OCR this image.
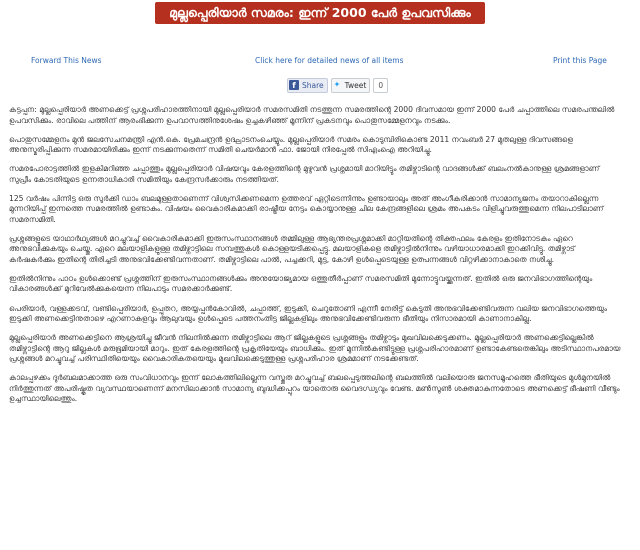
മുല്ലപ്പെരിയാര്‍ സമരം: ഇന്ന് 2000 പേര്‍ ഉപവസിക്കും
Forward This News	Click here for detailed news of all items	Print this Page
f Share ✦ Tweet	0

കട്ടപ്പന: മുല്ലപ്പെരിയാര്‍ അണക്കെട്ട് പ്രശ്നപരിഹാരത്തിനായി മുല്ലപ്പെരിയാര്‍ സമരസമിതി നടത്തുന്ന സമരത്തിന്റെ 2000 ദിവസമായ ഇന്ന് 2000 പേര്‍ ചപ്പാത്തിലെ സമരപന്തലില്‍ ഉപവസിക്കും. രാവിലെ പത്തിന് ആരംഭിക്കുന്ന ഉപവാസത്തിനുശേഷം ഉച്ചകഴിഞ്ഞ് മൂന്നിന് പ്രകടനവും പൊതുസമ്മേളനവും നടക്കും.

പൊതുസമ്മേളനം മുന്‍ ജലസേചനമന്ത്രി എന്‍.കെ. പ്രേമചന്ദ്രന്‍ ഉദ്ഘാടനംചെയ്യും. മുല്ലപ്പെരിയാര്‍ സമരം കൊടുമ്പിരികൊണ്ട 2011 നവംബര്‍ 27 മുതലുള്ള ദിവസങ്ങളെ അനുസ്മരിപ്പിക്കുന്ന സമരമായിരിക്കും ഇന്ന് നടക്കുന്നതെന്ന് സമിതി ചെയര്‍മാന്‍ ഫാ. ജോയി നിരപ്പേല്‍ സിഎംഐ അറിയിച്ചു.

സമരപോരാട്ടത്തില്‍ ഇളകിമറിഞ്ഞ ചപ്പാത്തും മുല്ലപ്പെരിയാര്‍ വിഷയവും കേരളത്തിന്റെ മുഴുവന്‍ പ്രശ്നമായി മാറിയിട്ടും തമിഴ്നാടിന്റെ വാദങ്ങള്‍ക്ക് ബലംനല്‍കാനുള്ള ശ്രമങ്ങളാണ് സുപ്രീം കോടതിയുടെ ഉന്നതാധികാരി സമിതിയും കേന്ദ്രസര്‍ക്കാരും നടത്തിയത്.

125 വര്‍ഷം പിന്നിട്ട ഒരു സുര്‍ക്കി ഡാം ബലമുള്ളതാണെന്ന് വിശ്വസിക്കണമെന്ന ഉത്തരവ് ഏറ്റിടെന്നിന്നും ഉണ്ടായാലും അത് അംഗീകരിക്കാന്‍ സാമാന്യജനം തയാറാകില്ലെന്ന മുന്നറിയിപ്പ് ഇന്നത്തെ സമരത്തില്‍ ഉണ്ടാകും. വിഷയം വൈകാരികമാക്കി രാഷ്ട്രീയ നേട്ടം കൊയ്യാനുള്ള ചില കേന്ദ്രങ്ങളിലെ ശ്രമം അപകടം വിളിച്ചുവരുത്തുമെന്ന നിലപാടിലാണ് സമരസമിതി.

പ്രശ്നങ്ങളുടെ യാഥാര്‍ഥ്യങ്ങള്‍ മറച്ചുവച്ച് വൈകാരികമാക്കി ഇരുസംസ്ഥാനങ്ങള്‍ തമ്മിലുള്ള ആഭ്യന്തരപ്രശ്നമാക്കി മാറ്റിയതിന്റെ തിക്തഫലം കേരളം ഇതിനോടകം ഏറെ അനുഭവിക്കുകയും ചെയ്തു. ഏറെ മലയാളികളുള്ള തമിഴ്നാട്ടിലെ സമ്പത്തുകള്‍ കൊള്ളയടിക്കപ്പെട്ടു. മലയാളികളെ തമിഴ്നാട്ടില്‍നിന്നും വഴിയാധാരമാക്കി ഇറക്കിവിട്ടു. തമിഴ്നാട് കര്‍ഷകര്‍ക്കും ഇതിന്റെ തിരിച്ചടി അനുഭവിക്കേണ്ടിവന്നതാണ്. തമിഴ്നാട്ടിലെ പാല്‍, പച്ചക്കറി, മുട്ട, കോഴി ഉള്‍പ്പെടെയുള്ള ഉത്പന്നങ്ങള്‍ വിറ്റഴിക്കാനാകാതെ നശിച്ചു.

ഇതില്‍നിന്നും പാഠം ഉള്‍ക്കൊണ്ട് പ്രശ്നത്തിന് ഇരുസംസ്ഥാനങ്ങള്‍ക്കും അനുയോജ്യമായ ഒത്തുതീര്‍പ്പാണ് സമരസമിതി മുന്നോട്ടുവയ്ക്കുന്നത്. ഇതില്‍ ഒരു ജനവിഭാഗത്തിന്റെയും വികാരങ്ങള്‍ക്ക് മുറിവേല്‍ക്കുകയെന്ന നിലപാടും സമരക്കാര്‍ക്കുണ്ട്.

പെരിയാര്‍, വള്ളക്കടവ്, വണ്ടിപ്പെരിയാര്‍, ഉപ്പുതറ, അയ്യപ്പന്‍കോവില്‍, ചപ്പാത്ത്, ഇടുക്കി, ചെറുതോണി എന്നീ നേരിട്ട് കെടുതി അനുഭവിക്കേണ്ടിവരുന്ന വലിയ ജനവിഭാഗത്തെയും ഇടുക്കി അണക്കെട്ടിനുതാഴെ എറണാകുളവും ആലുവയും ഉള്‍പ്പെടെ പത്തനംതിട്ട ജില്ലകളിലും അനുഭവിക്കേണ്ടിവരുന്ന ഭീതിയും നിസാരമായി കാണാനാകില്ല.

മുല്ലപ്പെരിയാര്‍ അണക്കെട്ടിനെ ആശ്രയിച്ചു ജീവന്‍ നിലനില്‍ക്കുന്ന തമിഴ്നാട്ടിലെ ആറ് ജില്ലകളുടെ പ്രശ്നങ്ങളും തമിഴ്നാടും മുഖവിലക്കെടുക്കണം. മുല്ലപ്പെരിയാര്‍ അണക്കെട്ടില്ലെങ്കില്‍ തമിഴ്നാട്ടിന്റെ ആറു ജില്ലകള്‍ മരുഭൂമിയായി മാറും. ഇത് കേരളത്തിന്റെ പ്രകൃതിയേയും ബാധിക്കും. ഇത് മുന്നില്‍കണ്ടിട്ടുള്ള പ്രശ്നപരിഹാരമാണ് ഉണ്ടാകേണ്ടതെങ്കിലും അടിസ്ഥാനപരമായ പ്രശ്നങ്ങള്‍ മറച്ചുവച്ച് പരിസ്ഥിതിയെയും വൈകാരികതയെയും മുഖവിലക്കെടുത്തുള്ള പ്രശ്നപരിഹാര ശ്രമമാണ് നടക്കേണ്ടത്.

കാലപ്പഴക്കം ദുര്‍ബലമാക്കാത്ത ഒരു സംവിധാനവും ഇന്ന് ലോകത്തിലില്ലെന്ന വസ്തുത മറച്ചുവച്ച് ബലപ്പെടുത്തലിന്റെ ബലത്തില്‍ വലിയൊരു ജനസമൂഹത്തെ ഭീതിയുടെ മുള്‍മുനയില്‍ നിര്‍ത്തുന്നത് അപരിഷ്കൃത വ്യവസ്ഥയാണെന്ന് മനസിലാക്കാന്‍ സാമാന്യ ബുദ്ധിക്കപ്പുറം യാതൊരു വൈദഗ്ധ്യവും വേണ്ട. മണ്‍സൂണ്‍ ശക്തമാകുന്നതോടെ അണക്കെട്ട് ഭീഷണി വീണ്ടും ഉച്ചസ്ഥായിലെത്തും.
